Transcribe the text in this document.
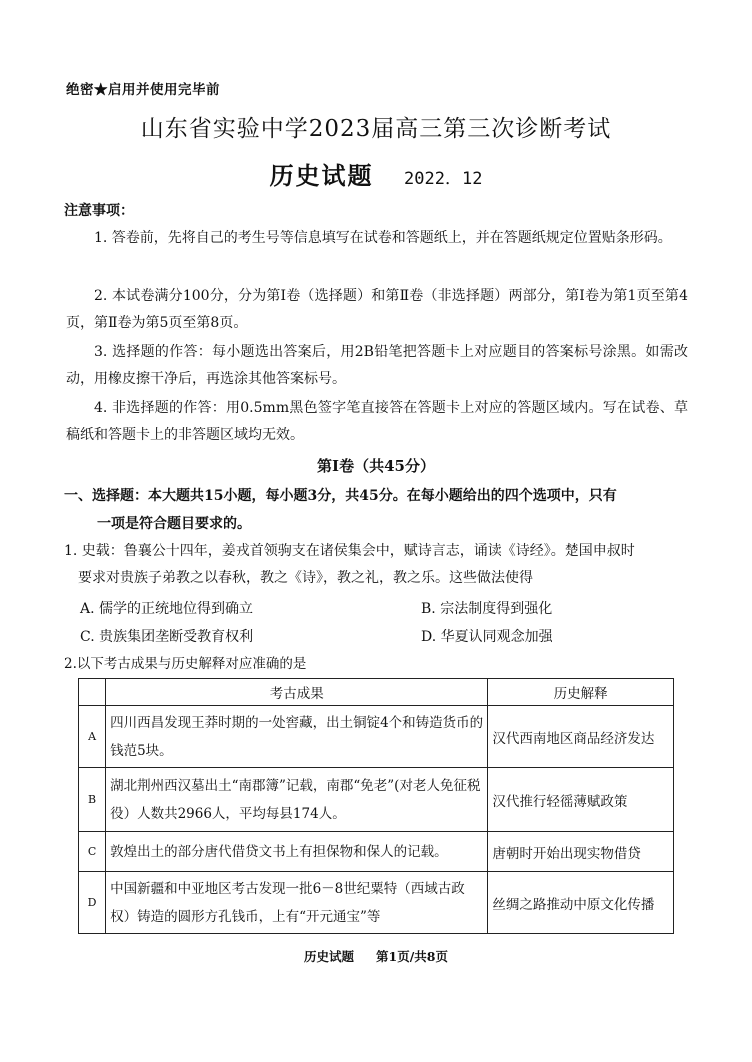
绝密★启用并使用完毕前
山东省实验中学2023届高三第三次诊断考试
历史试题 2022．12
注意事项：
1. 答卷前，先将自己的考生号等信息填写在试卷和答题纸上，并在答题纸规定位置贴条形码。
2. 本试卷满分100分，分为第Ⅰ卷（选择题）和第Ⅱ卷（非选择题）两部分，第Ⅰ卷为第1页至第4页，第Ⅱ卷为第5页至第8页。
3. 选择题的作答：每小题选出答案后，用2B铅笔把答题卡上对应题目的答案标号涂黑。如需改动，用橡皮擦干净后，再选涂其他答案标号。
4. 非选择题的作答：用0.5mm黑色签字笔直接答在答题卡上对应的答题区域内。写在试卷、草稿纸和答题卡上的非答题区域均无效。
第Ⅰ卷（共45分）
一、选择题：本大题共15小题，每小题3分，共45分。在每小题给出的四个选项中，只有
一项是符合题目要求的。
1. 史载：鲁襄公十四年，姜戎首领驹支在诸侯集会中，赋诗言志，诵读《诗经》。楚国申叔时
要求对贵族子弟教之以春秋，教之《诗》，教之礼，教之乐。这些做法使得
A. 儒学的正统地位得到确立	B. 宗法制度得到强化
C. 贵族集团垄断受教育权利	D. 华夏认同观念加强
2.以下考古成果与历史解释对应准确的是
	考古成果	历史解释
A	四川西昌发现王莽时期的一处窖藏，出土铜锭4个和铸造货币的钱范5块。	汉代西南地区商品经济发达
B	湖北荆州西汉墓出土“南郡簿”记载，南郡“免老”(对老人免征税役）人数共2966人，平均每县174人。	汉代推行轻徭薄赋政策
C	敦煌出土的部分唐代借贷文书上有担保物和保人的记载。	唐朝时开始出现实物借贷
D	中国新疆和中亚地区考古发现一批6－8世纪粟特（西域古政权）铸造的圆形方孔钱币，上有“开元通宝”等	丝绸之路推动中原文化传播
历史试题 第1页/共8页
